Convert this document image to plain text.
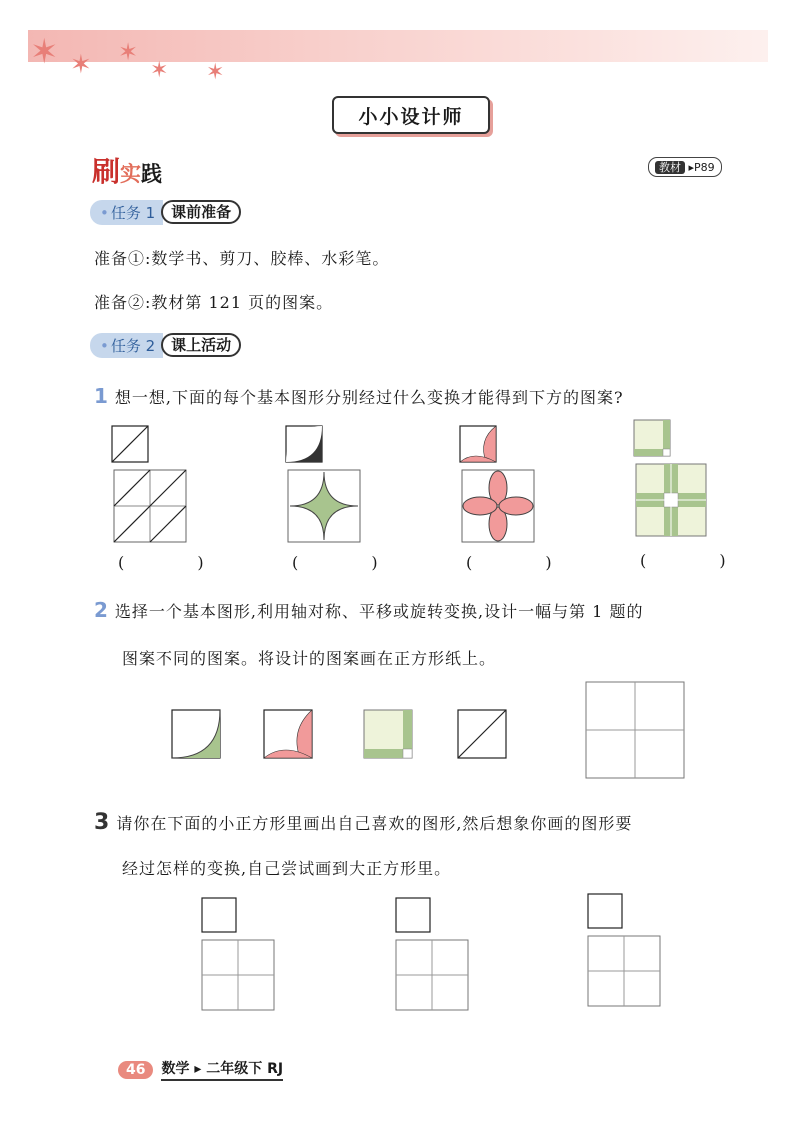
✶ ✶ ✶
✶ ✶
小小设计师
刷实践	教材 ▸P89
• 任务 1	课前准备
准备①:数学书、剪刀、胶棒、水彩笔。
准备②:教材第 121 页的图案。
• 任务 2	课上活动
1 想一想,下面的每个基本图形分别经过什么变换才能得到下方的图案?
( )	( )	( )	( )
2 选择一个基本图形,利用轴对称、平移或旋转变换,设计一幅与第 1 题的
图案不同的图案。将设计的图案画在正方形纸上。
3 请你在下面的小正方形里画出自己喜欢的图形,然后想象你画的图形要
经过怎样的变换,自己尝试画到大正方形里。
46	数学 ▸ 二年级下 RJ
